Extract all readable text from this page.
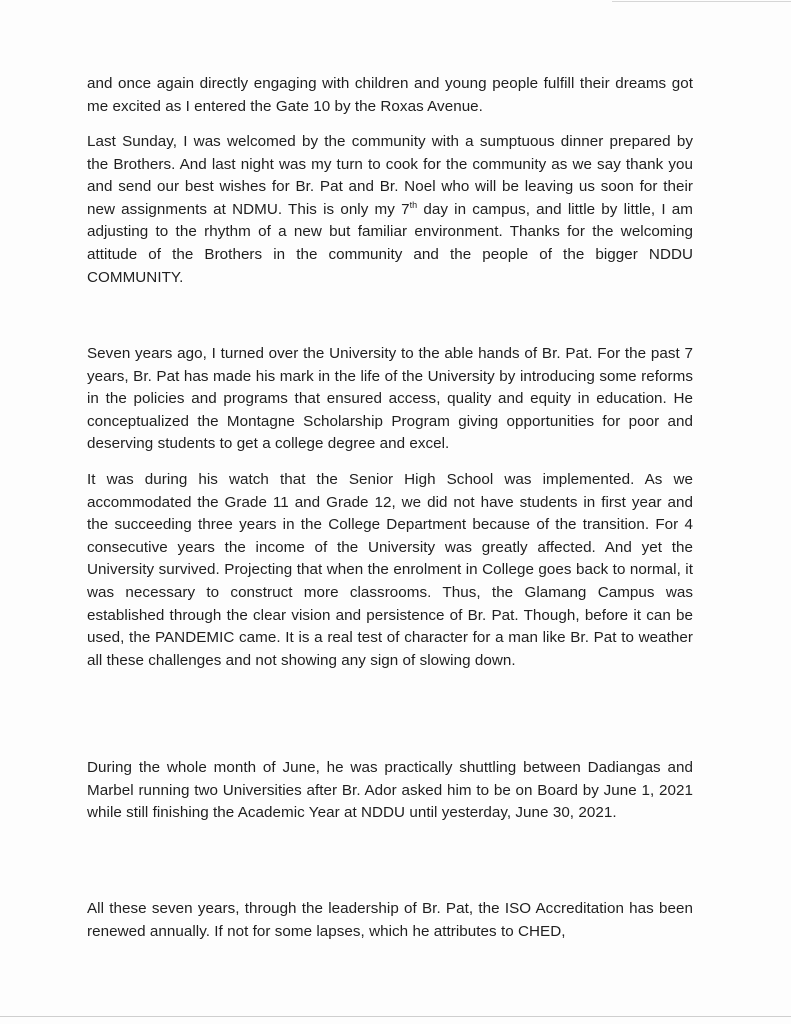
and once again directly engaging with children and young people fulfill their dreams got me excited as I entered the Gate 10 by the Roxas Avenue.

Last Sunday, I was welcomed by the community with a sumptuous dinner prepared by the Brothers. And last night was my turn to cook for the community as we say thank you and send our best wishes for Br. Pat and Br. Noel who will be leaving us soon for their new assignments at NDMU. This is only my 7th day in campus, and little by little, I am adjusting to the rhythm of a new but familiar environment. Thanks for the welcoming attitude of the Brothers in the community and the people of the bigger NDDU COMMUNITY.

Seven years ago, I turned over the University to the able hands of Br. Pat. For the past 7 years, Br. Pat has made his mark in the life of the University by introducing some reforms in the policies and programs that ensured access, quality and equity in education. He conceptualized the Montagne Scholarship Program giving opportunities for poor and deserving students to get a college degree and excel.

It was during his watch that the Senior High School was implemented. As we accommodated the Grade 11 and Grade 12, we did not have students in first year and the succeeding three years in the College Department because of the transition. For 4 consecutive years the income of the University was greatly affected. And yet the University survived. Projecting that when the enrolment in College goes back to normal, it was necessary to construct more classrooms. Thus, the Glamang Campus was established through the clear vision and persistence of Br. Pat. Though, before it can be used, the PANDEMIC came. It is a real test of character for a man like Br. Pat to weather all these challenges and not showing any sign of slowing down.

During the whole month of June, he was practically shuttling between Dadiangas and Marbel running two Universities after Br. Ador asked him to be on Board by June 1, 2021 while still finishing the Academic Year at NDDU until yesterday, June 30, 2021.

All these seven years, through the leadership of Br. Pat, the ISO Accreditation has been renewed annually. If not for some lapses, which he attributes to CHED,
